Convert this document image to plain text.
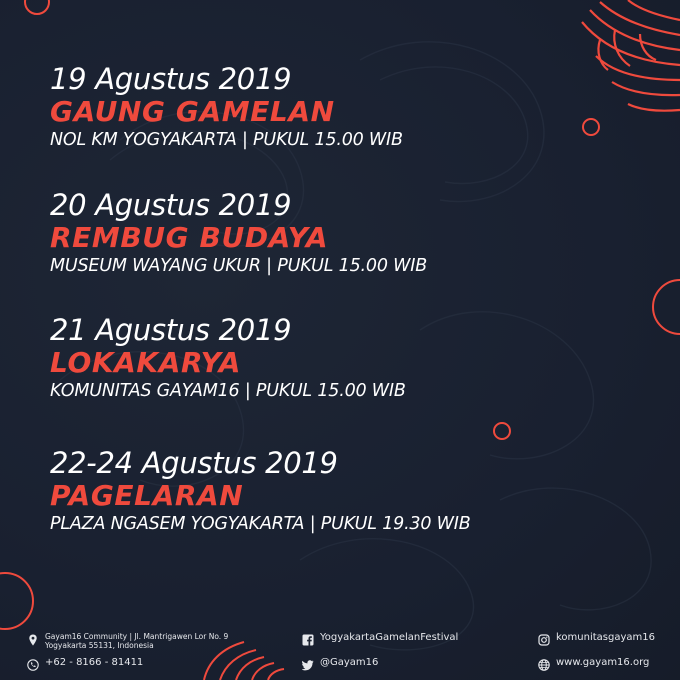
19 Agustus 2019
GAUNG GAMELAN
NOL KM YOGYAKARTA | PUKUL 15.00 WIB
20 Agustus 2019
REMBUG BUDAYA
MUSEUM WAYANG UKUR | PUKUL 15.00 WIB
21 Agustus 2019
LOKAKARYA
KOMUNITAS GAYAM16 | PUKUL 15.00 WIB
22-24 Agustus 2019
PAGELARAN
PLAZA NGASEM YOGYAKARTA | PUKUL 19.30 WIB
Gayam16 Community | Jl. Mantrigawen Lor No. 9
Yogyakarta 55131, Indonesia
+62 - 8166 - 81411
YogyakartaGamelanFestival
@Gayam16
komunitasgayam16
www.gayam16.org
